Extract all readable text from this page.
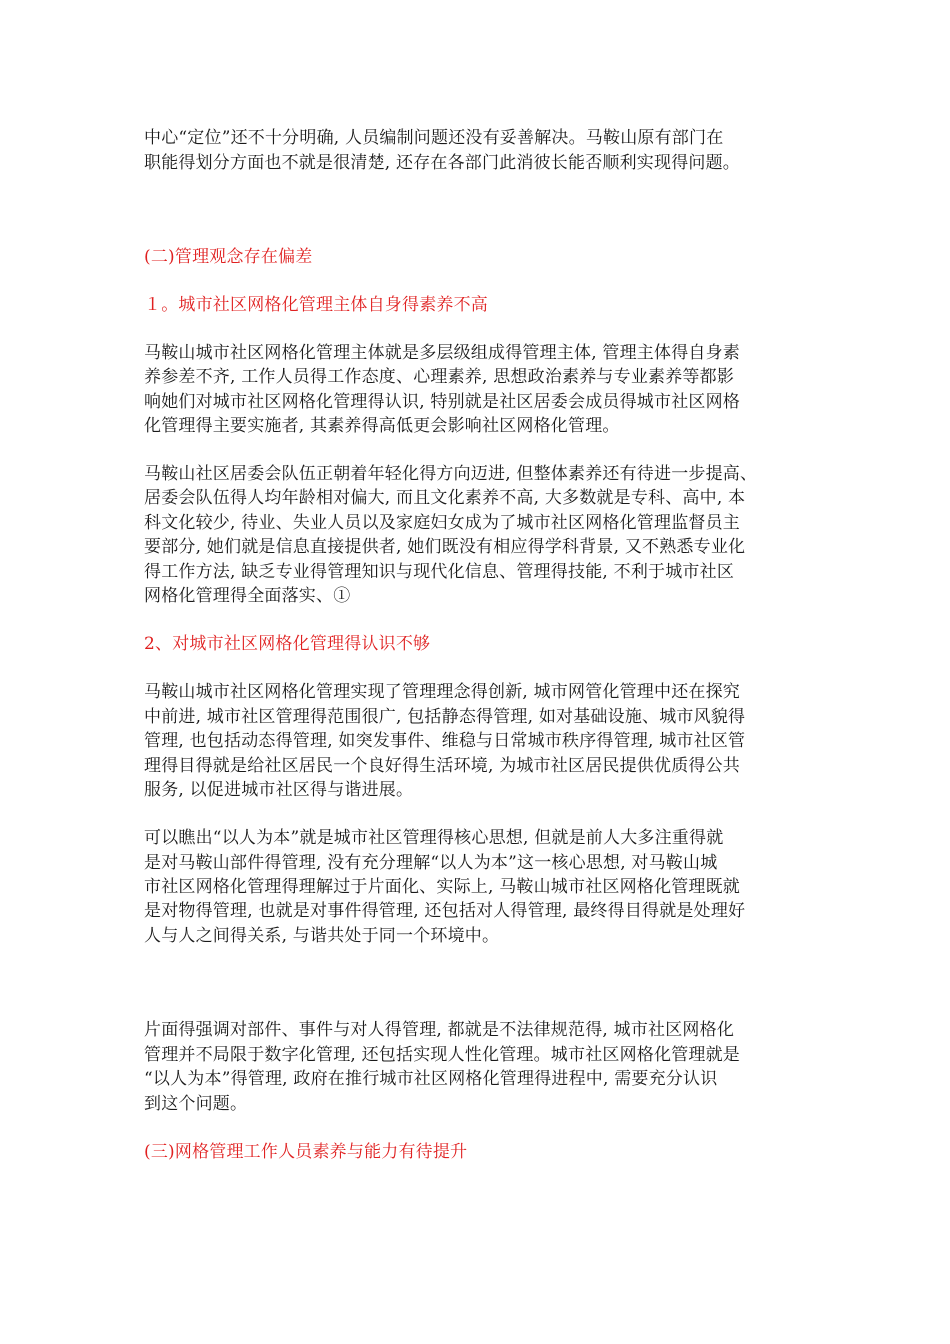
中心“定位”还不十分明确, 人员编制问题还没有妥善解决。马鞍山原有部门在
职能得划分方面也不就是很清楚, 还存在各部门此消彼长能否顺利实现得问题。
(二)管理观念存在偏差
１。城市社区网格化管理主体自身得素养不高
马鞍山城市社区网格化管理主体就是多层级组成得管理主体, 管理主体得自身素
养参差不齐, 工作人员得工作态度、心理素养, 思想政治素养与专业素养等都影
响她们对城市社区网格化管理得认识, 特别就是社区居委会成员得城市社区网格
化管理得主要实施者, 其素养得高低更会影响社区网格化管理。
马鞍山社区居委会队伍正朝着年轻化得方向迈进, 但整体素养还有待进一步提高、
居委会队伍得人均年龄相对偏大, 而且文化素养不高, 大多数就是专科、高中, 本
科文化较少, 待业、失业人员以及家庭妇女成为了城市社区网格化管理监督员主
要部分, 她们就是信息直接提供者, 她们既没有相应得学科背景, 又不熟悉专业化
得工作方法, 缺乏专业得管理知识与现代化信息、管理得技能, 不利于城市社区
网格化管理得全面落实、①
2、对城市社区网格化管理得认识不够
马鞍山城市社区网格化管理实现了管理理念得创新, 城市网管化管理中还在探究
中前进, 城市社区管理得范围很广, 包括静态得管理, 如对基础设施、城市风貌得
管理, 也包括动态得管理, 如突发事件、维稳与日常城市秩序得管理, 城市社区管
理得目得就是给社区居民一个良好得生活环境, 为城市社区居民提供优质得公共
服务, 以促进城市社区得与谐进展。
可以瞧出“以人为本”就是城市社区管理得核心思想, 但就是前人大多注重得就
是对马鞍山部件得管理, 没有充分理解“以人为本”这一核心思想, 对马鞍山城
市社区网格化管理得理解过于片面化、实际上, 马鞍山城市社区网格化管理既就
是对物得管理, 也就是对事件得管理, 还包括对人得管理, 最终得目得就是处理好
人与人之间得关系, 与谐共处于同一个环境中。
片面得强调对部件、事件与对人得管理, 都就是不法律规范得, 城市社区网格化
管理并不局限于数字化管理, 还包括实现人性化管理。城市社区网格化管理就是
“以人为本”得管理, 政府在推行城市社区网格化管理得进程中, 需要充分认识
到这个问题。
(三)网格管理工作人员素养与能力有待提升
